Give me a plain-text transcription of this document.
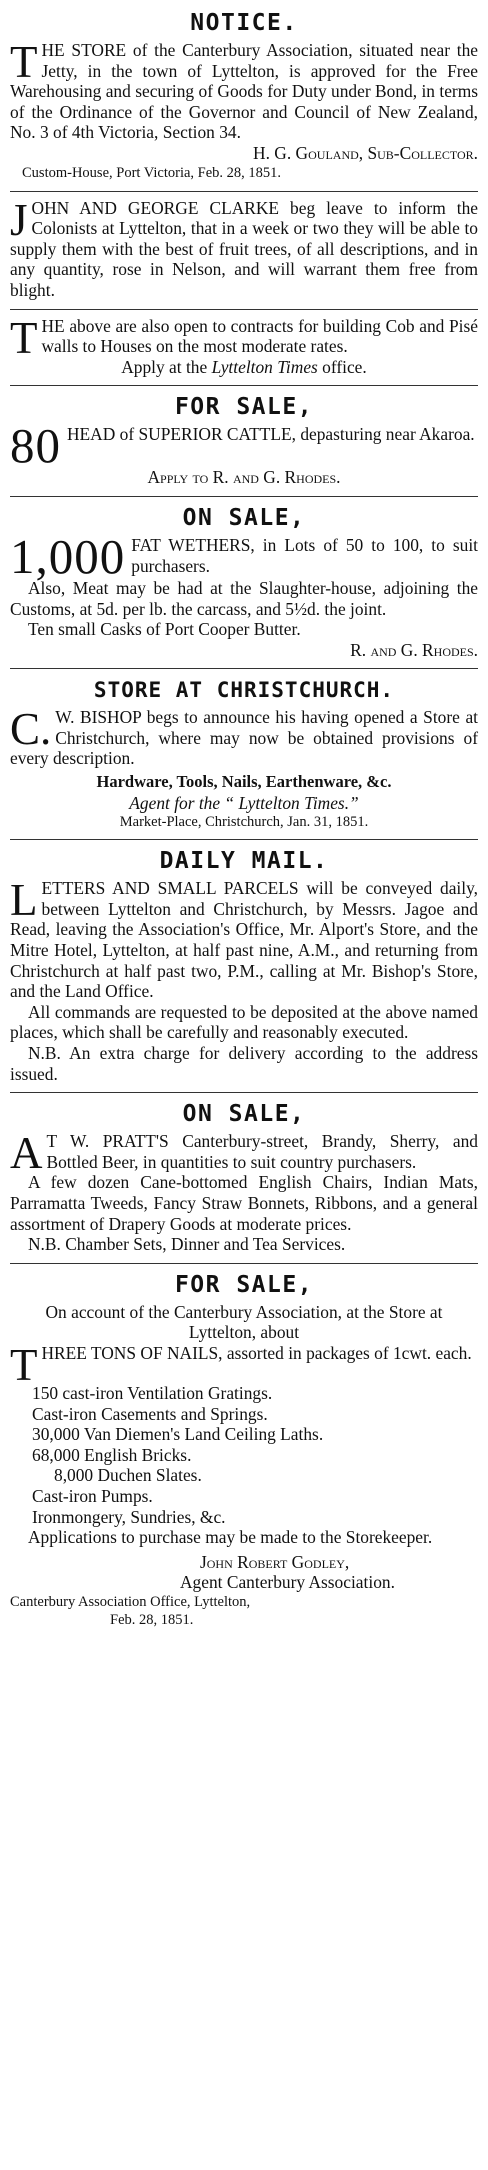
NOTICE.

T HE STORE of the Canterbury Association, situated near the Jetty, in the town of Lyttelton, is approved for the Free Warehousing and securing of Goods for Duty under Bond, in terms of the Ordinance of the Governor and Council of New Zealand, No. 3 of 4th Victoria, Section 34.

H. G. Gouland, Sub-Collector.

Custom-House, Port Victoria, Feb. 28, 1851.

J OHN AND GEORGE CLARKE beg leave to inform the Colonists at Lyttelton, that in a week or two they will be able to supply them with the best of fruit trees, of all descriptions, and in any quantity, rose in Nelson, and will warrant them free from blight.

T HE above are also open to contracts for building Cob and Pisé walls to Houses on the most moderate rates.

Apply at the Lyttelton Times office.

FOR SALE,

80 HEAD of SUPERIOR CATTLE, depasturing near Akaroa.

Apply to R. and G. Rhodes.

ON SALE,

1,000 FAT WETHERS, in Lots of 50 to 100, to suit purchasers.

Also, Meat may be had at the Slaughter-house, adjoining the Customs, at 5d. per lb. the carcass, and 5½d. the joint.

Ten small Casks of Port Cooper Butter.

R. and G. Rhodes.

STORE AT CHRISTCHURCH.

C. W. BISHOP begs to announce his having opened a Store at Christchurch, where may now be obtained provisions of every description.

Hardware, Tools, Nails, Earthenware, &c.

Agent for the “ Lyttelton Times.”

Market-Place, Christchurch, Jan. 31, 1851.

DAILY MAIL.

L ETTERS AND SMALL PARCELS will be conveyed daily, between Lyttelton and Christchurch, by Messrs. Jagoe and Read, leaving the Association's Office, Mr. Alport's Store, and the Mitre Hotel, Lyttelton, at half past nine, A.M., and returning from Christchurch at half past two, P.M., calling at Mr. Bishop's Store, and the Land Office.

All commands are requested to be deposited at the above named places, which shall be carefully and reasonably executed.

N.B. An extra charge for delivery according to the address issued.

ON SALE,

A T W. PRATT'S Canterbury-street, Brandy, Sherry, and Bottled Beer, in quantities to suit country purchasers.

A few dozen Cane-bottomed English Chairs, Indian Mats, Parramatta Tweeds, Fancy Straw Bonnets, Ribbons, and a general assortment of Drapery Goods at moderate prices.

N.B. Chamber Sets, Dinner and Tea Services.

FOR SALE,

On account of the Canterbury Association, at the Store at Lyttelton, about

T HREE TONS OF NAILS, assorted in packages of 1cwt. each.

150 cast-iron Ventilation Gratings.

Cast-iron Casements and Springs.

30,000 Van Diemen's Land Ceiling Laths.

68,000 English Bricks.

8,000 Duchen Slates.

Cast-iron Pumps.

Ironmongery, Sundries, &c.

Applications to purchase may be made to the Storekeeper.

John Robert Godley,

Agent Canterbury Association.

Canterbury Association Office, Lyttelton,

Feb. 28, 1851.
